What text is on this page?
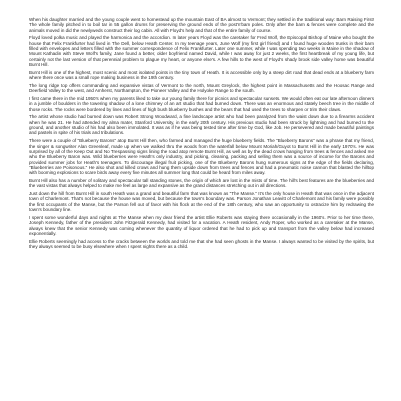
When his daughter married and the young couple went to homestead up the mountain East of BA almost to Vermont; they settled in the traditional way: Barn Raising First! The whole family pitched in to boil tar in 55 gallon drums for preserving the ground ends of the post'n'bam poles. Only after the barn & fences were complete and the animals moved in did the newlyweds construct their log cabin. All with Floyd's help and that of the entire family of course.

Floyd loved polka music and played the harmonica and the accordion. In later years Floyd was the caretaker for Fred Wolf, the Episcopal Bishop of Maine who bought the house that Felix Frankfurter had lived in The Dell, below Heath Center. In my teenage years, June Wolf (my first girl friend) and I found huge wooden trunks in their barn filled with envelopes and letters filled with the summer correspondence of Felix Frankfurter. Later one summer, while I was spending two weeks in Maine in the shadow of Mount Kathadin with Steve Wolf's family, Jane found a better, older boyfriend named David, while I was away for just 2 weeks, the first heartbreak of my young life, but certainly not the last version of that perennial problem to plague my heart, or anyone else's. A few hills to the west of Floyd's shady brook side valley home was beautiful Burnt Hill.

Burnt Hill is one of the highest, most scenic and most isolated points in the tiny town of Heath. It is accessible only by a steep dirt road that dead ends at a blueberry farm where there once was a small rope making business in the 19th century.

The long ridge top offers commanding and expansive vistas of Vermont to the north, Mount Greylock, the highest point in Massachusetts and the Hoosac Range and Deerfield Valley to the west, and Amherst, Northampton, the Pioneer Valley and the Holyoke Range to the south.

I first came there in the mid 1950's when my parents liked to take our young family there for picnics and spectacular sunsets. We would often eat our late afternoon dinners in a jumble of boulders in the towering shadow of a lone chimney of an art studio that had burned down. There was an enormous and stately beech tree in the middle of those rocks. The rocks were bordered by lines and lines of high bush blueberry bushes and the bears that had used the trees to sharpen or trim their claws.

The artist whose studio had burned down was Robert Strong Woodward, a fine landscape artist who had been paralyzed from the waist down due to a firearms accident when he was 21. He had attended my alma mater, Stanford University, in the early 20th century. His previous studio had been struck by lightning and had burned to the ground, and another studio of his had also been immolated. It was as if he was being tested time after time by God, like Job. He persevered and made beautiful paintings and pastels in spite of his trials and tribulations.

There were a couple of "Blueberry Barons" atop Burnt Hill then, who farmed and managed the huge blueberry fields. The "Blueberry Barons" was a phrase that my friend, the singer & songwriter Alan Greenleaf, made up when we walked thru the woods from the waterfall below Mount Moriah/Guyot to Burnt Hill in the early 1970's. He was surprised by all of the Keep Out and No Trespassing signs lining the road atop remote Burnt Hill, as well as by the dead crows hanging from trees & fences and asked me who the Blueberry Baron was. Wild blueberries were Heath's only industry, and picking, cleaning, packing and selling them was a source of income for the Barons and provided summer jobs for Heath's teenagers. To discourage illegal fruit picking, one of the Blueberry Barons hung numerous signs at the edge of the fields declaring, "Blueberries are Poisonous." He also shot and killed crows and hung them upside down from trees and fences and had a pneumatic noise cannon that blasted the hilltop with booming explosions to scare birds away every five minutes all summer long that could be heard from miles away.

Burnt Hill also has a number of solitary and spectacular tall standing stones, the origin of which are lost in the mists of time. The hill's best features are the blueberries and the vast vistas that always helped to make me feel as large and expansive as the grand distances stretching out in all directions.

Just down the hill from Burnt Hill in south Heath was a grand and beautiful farm that was known as "The Manse." It's the only house in Heath that was once in the adjacent town of Charlemont. That's not because the house was moved, but because the town's boundary was. Parson Jonathan Leavitt of Charlemont and his family were possibly the first occupants of the Manse, but the Parson fell out of favor with his flock at the end of the 18th century, who saw an opportunity to ostracize him by redrawing the town's boundary line.

I spent some wonderful days and nights at The Manse when my dear friend the artist Ellie Roberts was staying there occasionally in the 1960's. Prior to her time there, Joseph Kennedy, father of the president John Fitzgerald Kennedy, had visited for a vacation. A Heath resident, Andy Roper, who worked as a caretaker at the Manse, always knew that the senior Kennedy was coming whenever the quantity of liquor ordered that he had to pick up and transport from the valley below had increased exponentially.

Ellie Roberts seemingly had access to the cracks between the worlds and told me that she had seen ghosts in the Manse. I always wanted to be visited by the spirits, but they always seemed to be busy elsewhere when I spent nights there as a child.
